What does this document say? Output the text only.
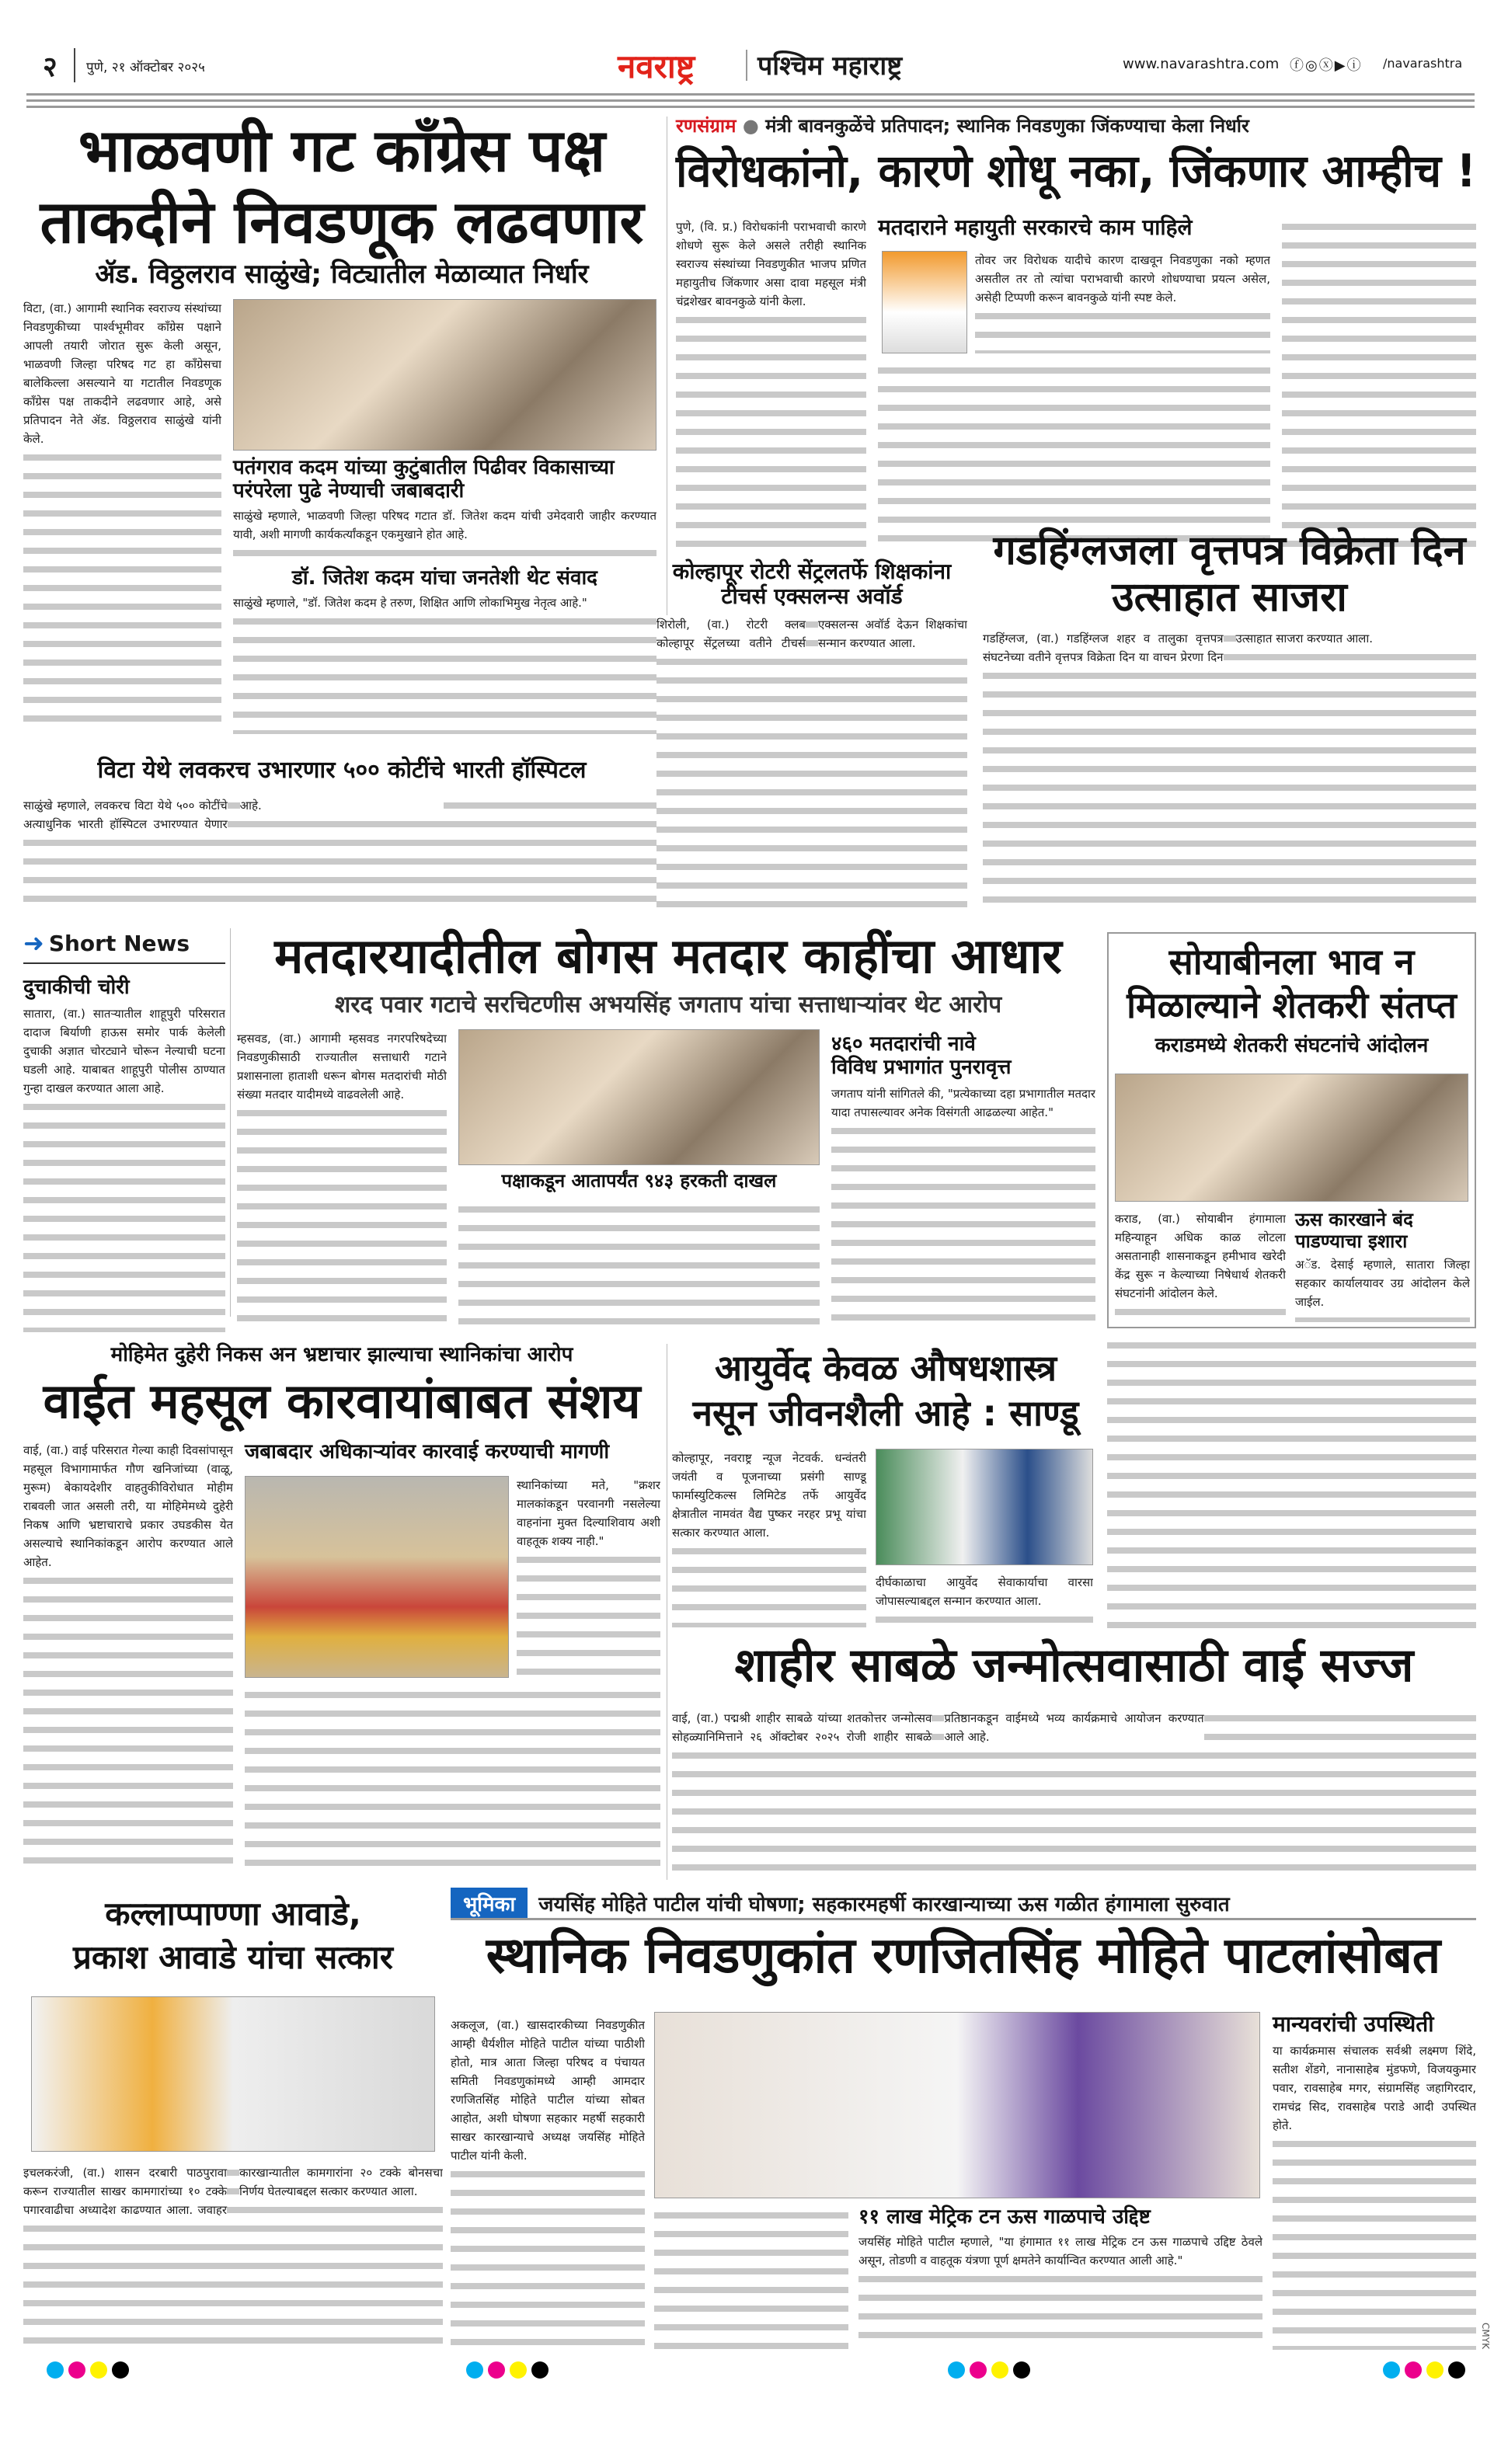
२ पुणे, २१ ऑक्टोबर २०२५	नवराष्ट्र पश्चिम महाराष्ट्र	www.navarashtra.com ⓕ◎ⓧ▶ⓘ /navarashtra
भाळवणी गट काँग्रेस पक्ष
ताकदीने निवडणूक लढवणार
ॲड. विठ्ठलराव साळुंखे; विट्यातील मेळाव्यात निर्धार

विटा, (वा.) आगामी स्थानिक स्वराज्य संस्थांच्या निवडणुकीच्या पार्श्वभूमीवर काँग्रेस पक्षाने आपली तयारी जोरात सुरू केली असून, भाळवणी जिल्हा परिषद गट हा काँग्रेसचा बालेकिल्ला असल्याने या गटातील निवडणूक काँग्रेस पक्ष ताकदीने लढवणार आहे, असे प्रतिपादन नेते ॲड. विठ्ठलराव साळुंखे यांनी केले.

पतंगराव कदम यांच्या कुटुंबातील पिढीवर विकासाच्या परंपरेला पुढे नेण्याची जबाबदारी

साळुंखे म्हणाले, भाळवणी जिल्हा परिषद गटात डॉ. जितेश कदम यांची उमेदवारी जाहीर करण्यात यावी, अशी मागणी कार्यकर्त्यांकडून एकमुखाने होत आहे.

डॉ. जितेश कदम यांचा जनतेशी थेट संवाद

साळुंखे म्हणाले, "डॉ. जितेश कदम हे तरुण, शिक्षित आणि लोकाभिमुख नेतृत्व आहे."

विटा येथे लवकरच उभारणार ५०० कोटींचे भारती हॉस्पिटल

साळुंखे म्हणाले, लवकरच विटा येथे ५०० कोटींचे अत्याधुनिक भारती हॉस्पिटल उभारण्यात येणार आहे.

रणसंग्राम ● मंत्री बावनकुळेंचे प्रतिपादन; स्थानिक निवडणुका जिंकण्याचा केला निर्धार
विरोधकांनो, कारणे शोधू नका, जिंकणार आम्हीच !

पुणे, (वि. प्र.) विरोधकांनी पराभवाची कारणे शोधणे सुरू केले असले तरीही स्थानिक स्वराज्य संस्थांच्या निवडणुकीत भाजप प्रणित महायुतीच जिंकणार असा दावा महसूल मंत्री चंद्रशेखर बावनकुळे यांनी केला.

मतदाराने महायुती सरकारचे काम पाहिले

तोवर जर विरोधक यादीचे कारण दाखवून निवडणुका नको म्हणत असतील तर तो त्यांचा पराभवाची कारणे शोधण्याचा प्रयत्न असेल, असेही टिप्पणी करून बावनकुळे यांनी स्पष्ट केले.

कोल्हापूर रोटरी सेंट्रलतर्फे शिक्षकांना टीचर्स एक्सलन्स अवॉर्ड

शिरोली, (वा.) रोटरी क्लब कोल्हापूर सेंट्रलच्या वतीने टीचर्स एक्सलन्स अवॉर्ड देऊन शिक्षकांचा सन्मान करण्यात आला.

गडहिंग्लजला वृत्तपत्र विक्रेता दिन उत्साहात साजरा

गडहिंग्लज, (वा.) गडहिंग्लज शहर व तालुका वृत्तपत्र संघटनेच्या वतीने वृत्तपत्र विक्रेता दिन या वाचन प्रेरणा दिन उत्साहात साजरा करण्यात आला.

➜ Short News
दुचाकीची चोरी

सातारा, (वा.) सातऱ्यातील शाहूपुरी परिसरात दादाज बिर्याणी हाऊस समोर पार्क केलेली दुचाकी अज्ञात चोरट्याने चोरून नेल्याची घटना घडली आहे. याबाबत शाहूपुरी पोलीस ठाण्यात गुन्हा दाखल करण्यात आला आहे.

मतदारयादीतील बोगस मतदार काहींचा आधार
शरद पवार गटाचे सरचिटणीस अभयसिंह जगताप यांचा सत्ताधाऱ्यांवर थेट आरोप

म्हसवड, (वा.) आगामी म्हसवड नगरपरिषदेच्या निवडणुकीसाठी राज्यातील सत्ताधारी गटाने प्रशासनाला हाताशी धरून बोगस मतदारांची मोठी संख्या मतदार यादीमध्ये वाढवलेली आहे.

पक्षाकडून आतापर्यंत ९४३ हरकती दाखल
४६० मतदारांची नावे
विविध प्रभागांत पुनरावृत्त

जगताप यांनी सांगितले की, "प्रत्येकाच्या दहा प्रभागातील मतदार यादा तपासल्यावर अनेक विसंगती आढळल्या आहेत."

सोयाबीनला भाव न
मिळाल्याने शेतकरी संतप्त
कराडमध्ये शेतकरी संघटनांचे आंदोलन

कराड, (वा.) सोयाबीन हंगामाला महिन्याहून अधिक काळ लोटला असतानाही शासनाकडून हमीभाव खरेदी केंद्र सुरू न केल्याच्या निषेधार्थ शेतकरी संघटनांनी आंदोलन केले.

ऊस कारखाने बंद पाडण्याचा इशारा

अॅड. देसाई म्हणाले, सातारा जिल्हा सहकार कार्यालयावर उग्र आंदोलन केले जाईल.

मोहिमेत दुहेरी निकस अन भ्रष्टाचार झाल्याचा स्थानिकांचा आरोप
वाईत महसूल कारवायांबाबत संशय

वाई, (वा.) वाई परिसरात गेल्या काही दिवसांपासून महसूल विभागामार्फत गौण खनिजांच्या (वाळू, मुरूम) बेकायदेशीर वाहतुकीविरोधात मोहीम राबवली जात असली तरी, या मोहिमेमध्ये दुहेरी निकष आणि भ्रष्टाचाराचे प्रकार उघडकीस येत असल्याचे स्थानिकांकडून आरोप करण्यात आले आहेत.

जबाबदार अधिकाऱ्यांवर कारवाई करण्याची मागणी

स्थानिकांच्या मते, "क्रशर मालकांकडून परवानगी नसलेल्या वाहनांना मुक्त दिल्याशिवाय अशी वाहतूक शक्य नाही."

आयुर्वेद केवळ औषधशास्त्र
नसून जीवनशैली आहे : साण्डू

कोल्हापूर, नवराष्ट्र न्यूज नेटवर्क. धन्वंतरी जयंती व पूजनाच्या प्रसंगी साण्डू फार्मास्युटिकल्स लिमिटेड तर्फे आयुर्वेद क्षेत्रातील नामवंत वैद्य पुष्कर नरहर प्रभू यांचा सत्कार करण्यात आला.

दीर्घकाळाचा आयुर्वेद सेवाकार्याचा वारसा जोपासल्याबद्दल सन्मान करण्यात आला.

शाहीर साबळे जन्मोत्सवासाठी वाई सज्ज

वाई, (वा.) पद्मश्री शाहीर साबळे यांच्या शतकोत्तर जन्मोत्सव सोहळ्यानिमित्ताने २६ ऑक्टोबर २०२५ रोजी शाहीर साबळे प्रतिष्ठानकडून वाईमध्ये भव्य कार्यक्रमाचे आयोजन करण्यात आले आहे.

कल्लाप्पाण्णा आवाडे,
प्रकाश आवाडे यांचा सत्कार

इचलकरंजी, (वा.) शासन दरबारी पाठपुरावा करून राज्यातील साखर कामगारांच्या १० टक्के पगारवाढीचा अध्यादेश काढण्यात आला. जवाहर कारखान्यातील कामगारांना २० टक्के बोनसचा निर्णय घेतल्याबद्दल सत्कार करण्यात आला.

भूमिका	जयसिंह मोहिते पाटील यांची घोषणा; सहकारमहर्षी कारखान्याच्या ऊस गळीत हंगामाला सुरुवात
स्थानिक निवडणुकांत रणजितसिंह मोहिते पाटलांसोबत

अकलूज, (वा.) खासदारकीच्या निवडणुकीत आम्ही धैर्यशील मोहिते पाटील यांच्या पाठीशी होतो, मात्र आता जिल्हा परिषद व पंचायत समिती निवडणुकांमध्ये आम्ही आमदार रणजितसिंह मोहिते पाटील यांच्या सोबत आहोत, अशी घोषणा सहकार महर्षी सहकारी साखर कारखान्याचे अध्यक्ष जयसिंह मोहिते पाटील यांनी केली.

११ लाख मेट्रिक टन ऊस गाळपाचे उद्दिष्ट

जयसिंह मोहिते पाटील म्हणाले, "या हंगामात ११ लाख मेट्रिक टन ऊस गाळपाचे उद्दिष्ट ठेवले असून, तोडणी व वाहतूक यंत्रणा पूर्ण क्षमतेने कार्यान्वित करण्यात आली आहे."

मान्यवरांची उपस्थिती

या कार्यक्रमास संचालक सर्वश्री लक्ष्मण शिंदे, सतीश शेंडगे, नानासाहेब मुंडफणे, विजयकुमार पवार, रावसाहेब मगर, संग्रामसिंह जहागिरदार, रामचंद्र सिद, रावसाहेब पराडे आदी उपस्थित होते.

CMYK
